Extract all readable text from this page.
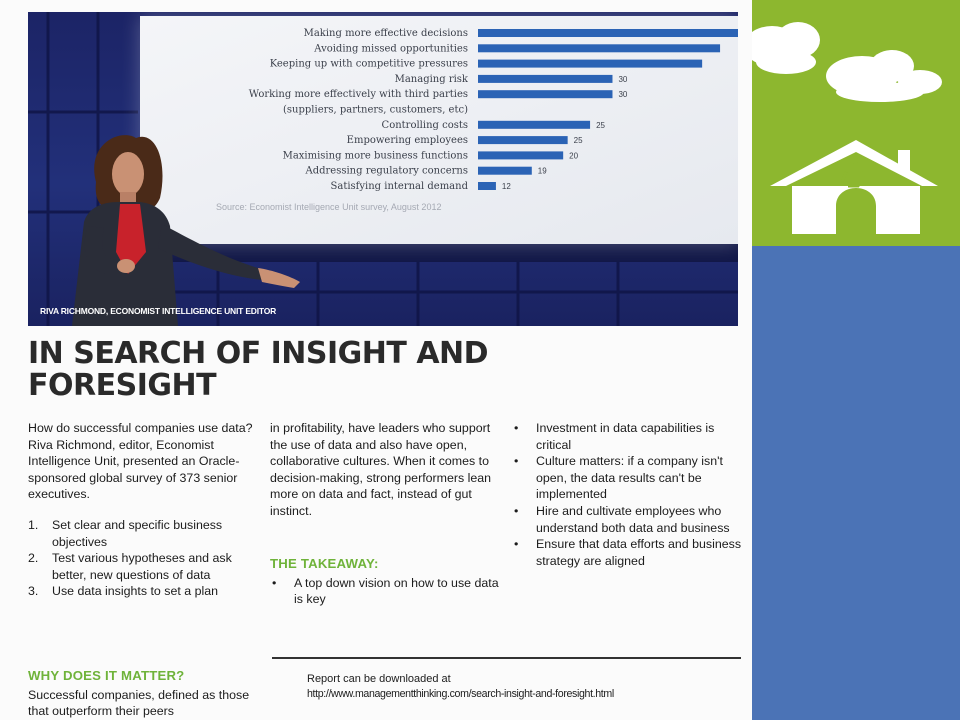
Making more effective decisions
Avoiding missed opportunities
Keeping up with competitive pressures
Managing risk	30
Working more effectively with third parties	30
(suppliers, partners, customers, etc)
Controlling costs	25
Empowering employees	25
Maximising more business functions	20
Addressing regulatory concerns	19
Satisfying internal demand	12
Source: Economist Intelligence Unit survey, August 2012
RIVA RICHMOND, ECONOMIST INTELLIGENCE UNIT EDITOR
IN SEARCH OF INSIGHT AND
FORESIGHT

How do successful companies use data? Riva Richmond, editor, Economist Intelligence Unit, presented an Oracle-sponsored global survey of 373 senior executives.

1. Set clear and specific business objectives
2. Test various hypotheses and ask better, new questions of data
3. Use data insights to set a plan
WHY DOES IT MATTER?
Successful companies, defined as those that outperform their peers

in profitability, have leaders who support the use of data and also have open, collaborative cultures. When it comes to decision-making, strong performers lean more on data and fact, instead of gut instinct.

THE TAKEAWAY:
• A top down vision on how to use data is key
• Investment in data capabilities is critical
• Culture matters: if a company isn't open, the data results can't be implemented
• Hire and cultivate employees who understand both data and business
• Ensure that data efforts and business strategy are aligned
Report can be downloaded at
http://www.managementthinking.com/search-insight-and-foresight.html
